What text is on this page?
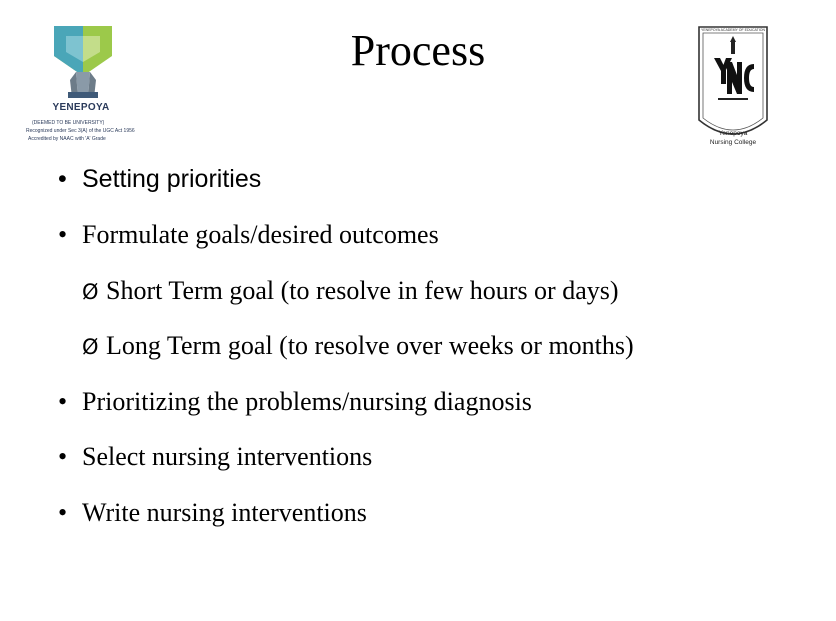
Process
YENEPOYA
(DEEMED TO BE UNIVERSITY)
Recognized under Sec 3(A) of the UGC Act 1956
Accredited by NAAC with 'A' Grade
YENEPOYA ACADEMY OF EDUCATION
Yenepoya
Nursing College
• Setting priorities
• Formulate goals/desired outcomes
Ø Short Term goal (to resolve in few hours or days)
Ø Long Term goal (to resolve over weeks or months)
• Prioritizing the problems/nursing diagnosis
• Select nursing interventions
• Write nursing interventions
